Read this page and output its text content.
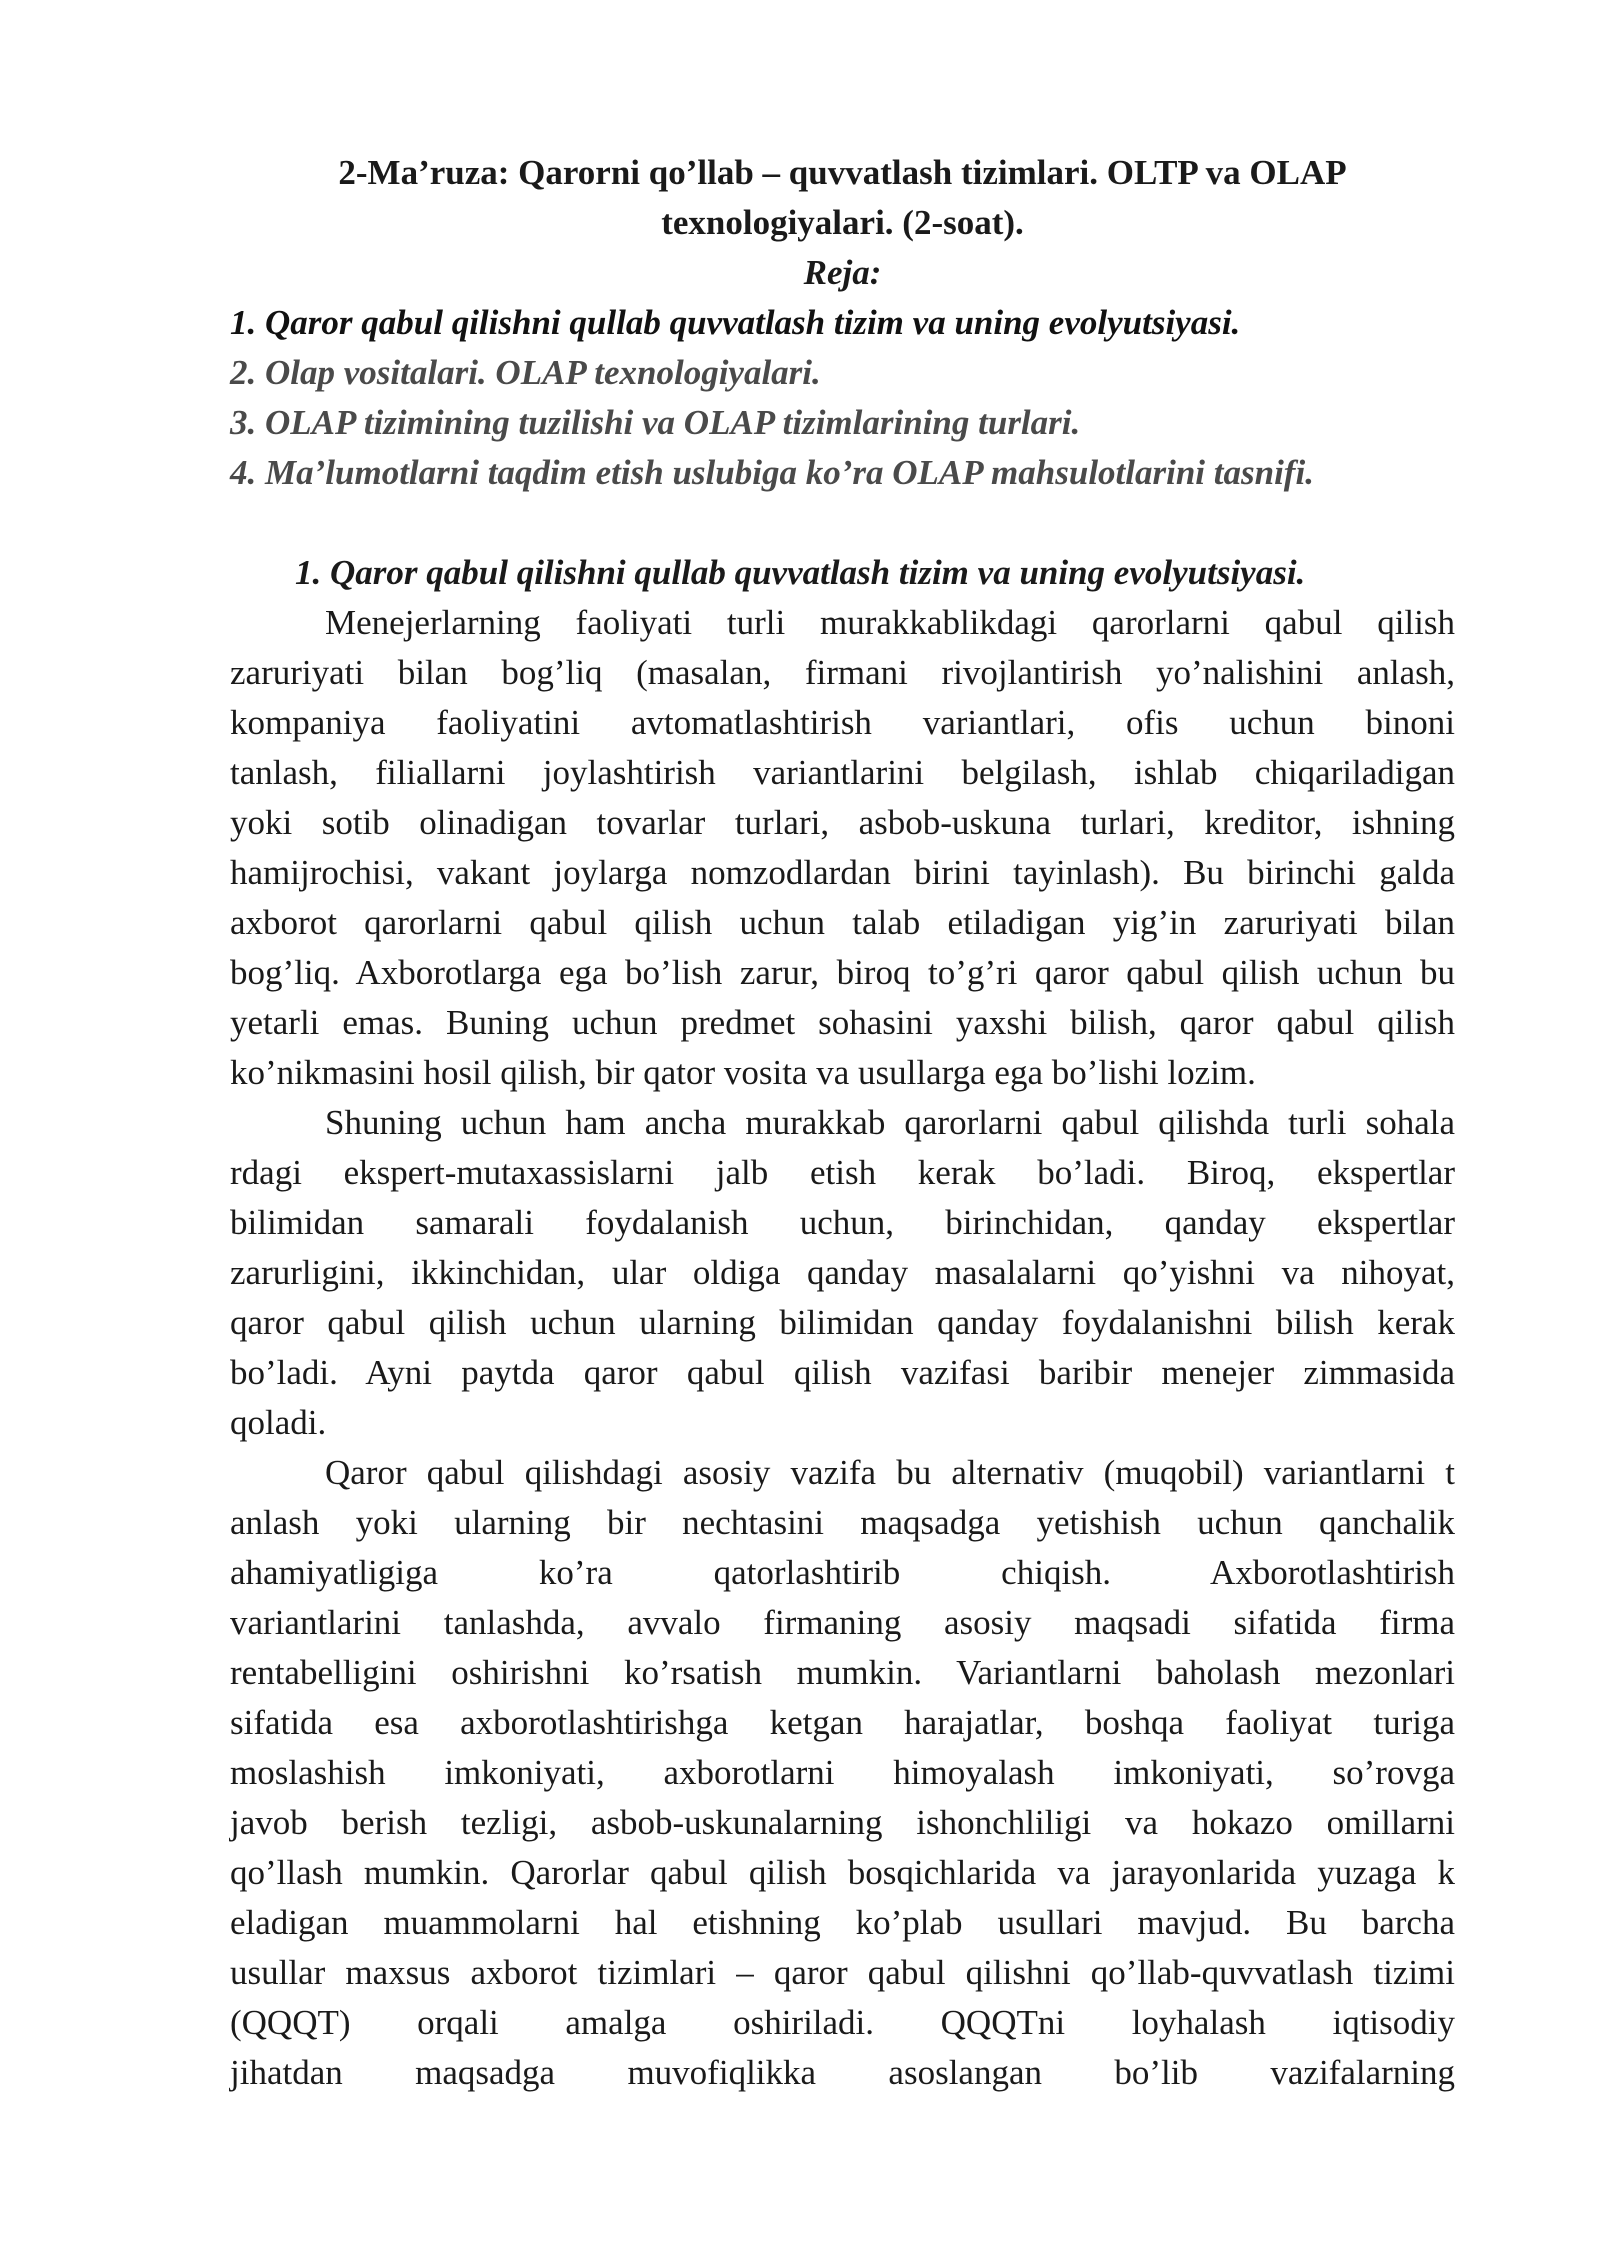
2-Ma’ruza: Qarorni qo’llab – quvvatlash tizimlari. OLTP va OLAP
texnologiyalari. (2-soat).
Reja:
1. Qaror qabul qilishni qullab quvvatlash tizim va uning evolyutsiyasi.
2. Olap vositalari. OLAP texnologiyalari.
3. OLAP tizimining tuzilishi va OLAP tizimlarining turlari.
4. Ma’lumotlarni taqdim etish uslubiga ko’ra OLAP mahsulotlarini tasnifi.
1. Qaror qabul qilishni qullab quvvatlash tizim va uning evolyutsiyasi.

Menejerlarning faoliyati turli murakkablikdagi qarorlarni qabul qilish
zaruriyati bilan bog’liq (masalan, firmani rivojlantirish yo’nalishini anlash,
kompaniya faoliyatini avtomatlashtirish variantlari, ofis uchun binoni
tanlash, filiallarni joylashtirish variantlarini belgilash, ishlab chiqariladigan
yoki sotib olinadigan tovarlar turlari, asbob-uskuna turlari, kreditor, ishning
hamijrochisi, vakant joylarga nomzodlardan birini tayinlash). Bu birinchi galda
axborot qarorlarni qabul qilish uchun talab etiladigan yig’in zaruriyati bilan
bog’liq. Axborotlarga ega bo’lish zarur, biroq to’g’ri qaror qabul qilish uchun bu
yetarli emas. Buning uchun predmet sohasini yaxshi bilish, qaror qabul qilish
ko’nikmasini hosil qilish, bir qator vosita va usullarga ega bo’lishi lozim.

Shuning uchun ham ancha murakkab qarorlarni qabul qilishda turli sohala
rdagi ekspert-mutaxassislarni jalb etish kerak bo’ladi. Biroq, ekspertlar
bilimidan samarali foydalanish uchun, birinchidan, qanday ekspertlar
zarurligini, ikkinchidan, ular oldiga qanday masalalarni qo’yishni va nihoyat,
qaror qabul qilish uchun ularning bilimidan qanday foydalanishni bilish kerak
bo’ladi. Ayni paytda qaror qabul qilish vazifasi baribir menejer zimmasida
qoladi.

Qaror qabul qilishdagi asosiy vazifa bu alternativ (muqobil) variantlarni t
anlash yoki ularning bir nechtasini maqsadga yetishish uchun qanchalik
ahamiyatligiga ko’ra qatorlashtirib chiqish. Axborotlashtirish
variantlarini tanlashda, avvalo firmaning asosiy maqsadi sifatida firma
rentabelligini oshirishni ko’rsatish mumkin. Variantlarni baholash mezonlari
sifatida esa axborotlashtirishga ketgan harajatlar, boshqa faoliyat turiga
moslashish imkoniyati, axborotlarni himoyalash imkoniyati, so’rovga
javob berish tezligi, asbob-uskunalarning ishonchliligi va hokazo omillarni
qo’llash mumkin. Qarorlar qabul qilish bosqichlarida va jarayonlarida yuzaga k
eladigan muammolarni hal etishning ko’plab usullari mavjud. Bu barcha
usullar maxsus axborot tizimlari – qaror qabul qilishni qo’llab-quvvatlash tizimi
(QQQT) orqali amalga oshiriladi. QQQTni loyhalash iqtisodiy
jihatdan maqsadga muvofiqlikka asoslangan bo’lib vazifalarning
